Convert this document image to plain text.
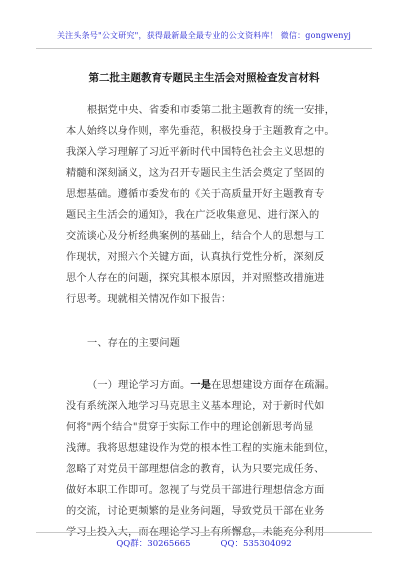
关注头条号"公文研究"，获得最新最全最专业的公文资料库！ 微信：gongwenyj
第二批主题教育专题民主生活会对照检查发言材料
根据党中央、省委和市委第二批主题教育的统一安排，
本人始终以身作则，率先垂范，积极投身于主题教育之中。
我深入学习理解了习近平新时代中国特色社会主义思想的
精髓和深刻涵义，这为召开专题民主生活会奠定了坚固的
思想基础。遵循市委发布的《关于高质量开好主题教育专
题民主生活会的通知》，我在广泛收集意见、进行深入的
交流谈心及分析经典案例的基础上，结合个人的思想与工
作现状，对照六个关键方面，认真执行党性分析，深刻反
思个人存在的问题，探究其根本原因，并对照整改措施进
行思考。现就相关情况作如下报告：
一、存在的主要问题
（一）理论学习方面。一是在思想建设方面存在疏漏。
没有系统深入地学习马克思主义基本理论，对于新时代如
何将"两个结合"贯穿于实际工作中的理论创新思考尚显
浅薄。我将思想建设作为党的根本性工程的实施未能到位，
忽略了对党员干部理想信念的教育，认为只要完成任务、
做好本职工作即可。忽视了与党员干部进行理想信念方面
的交流，讨论更频繁的是业务问题，导致党员干部在业务
学习上投入大，而在理论学习上有所懈怠，未能充分利用
QQ群：30265665	QQ：535304092
